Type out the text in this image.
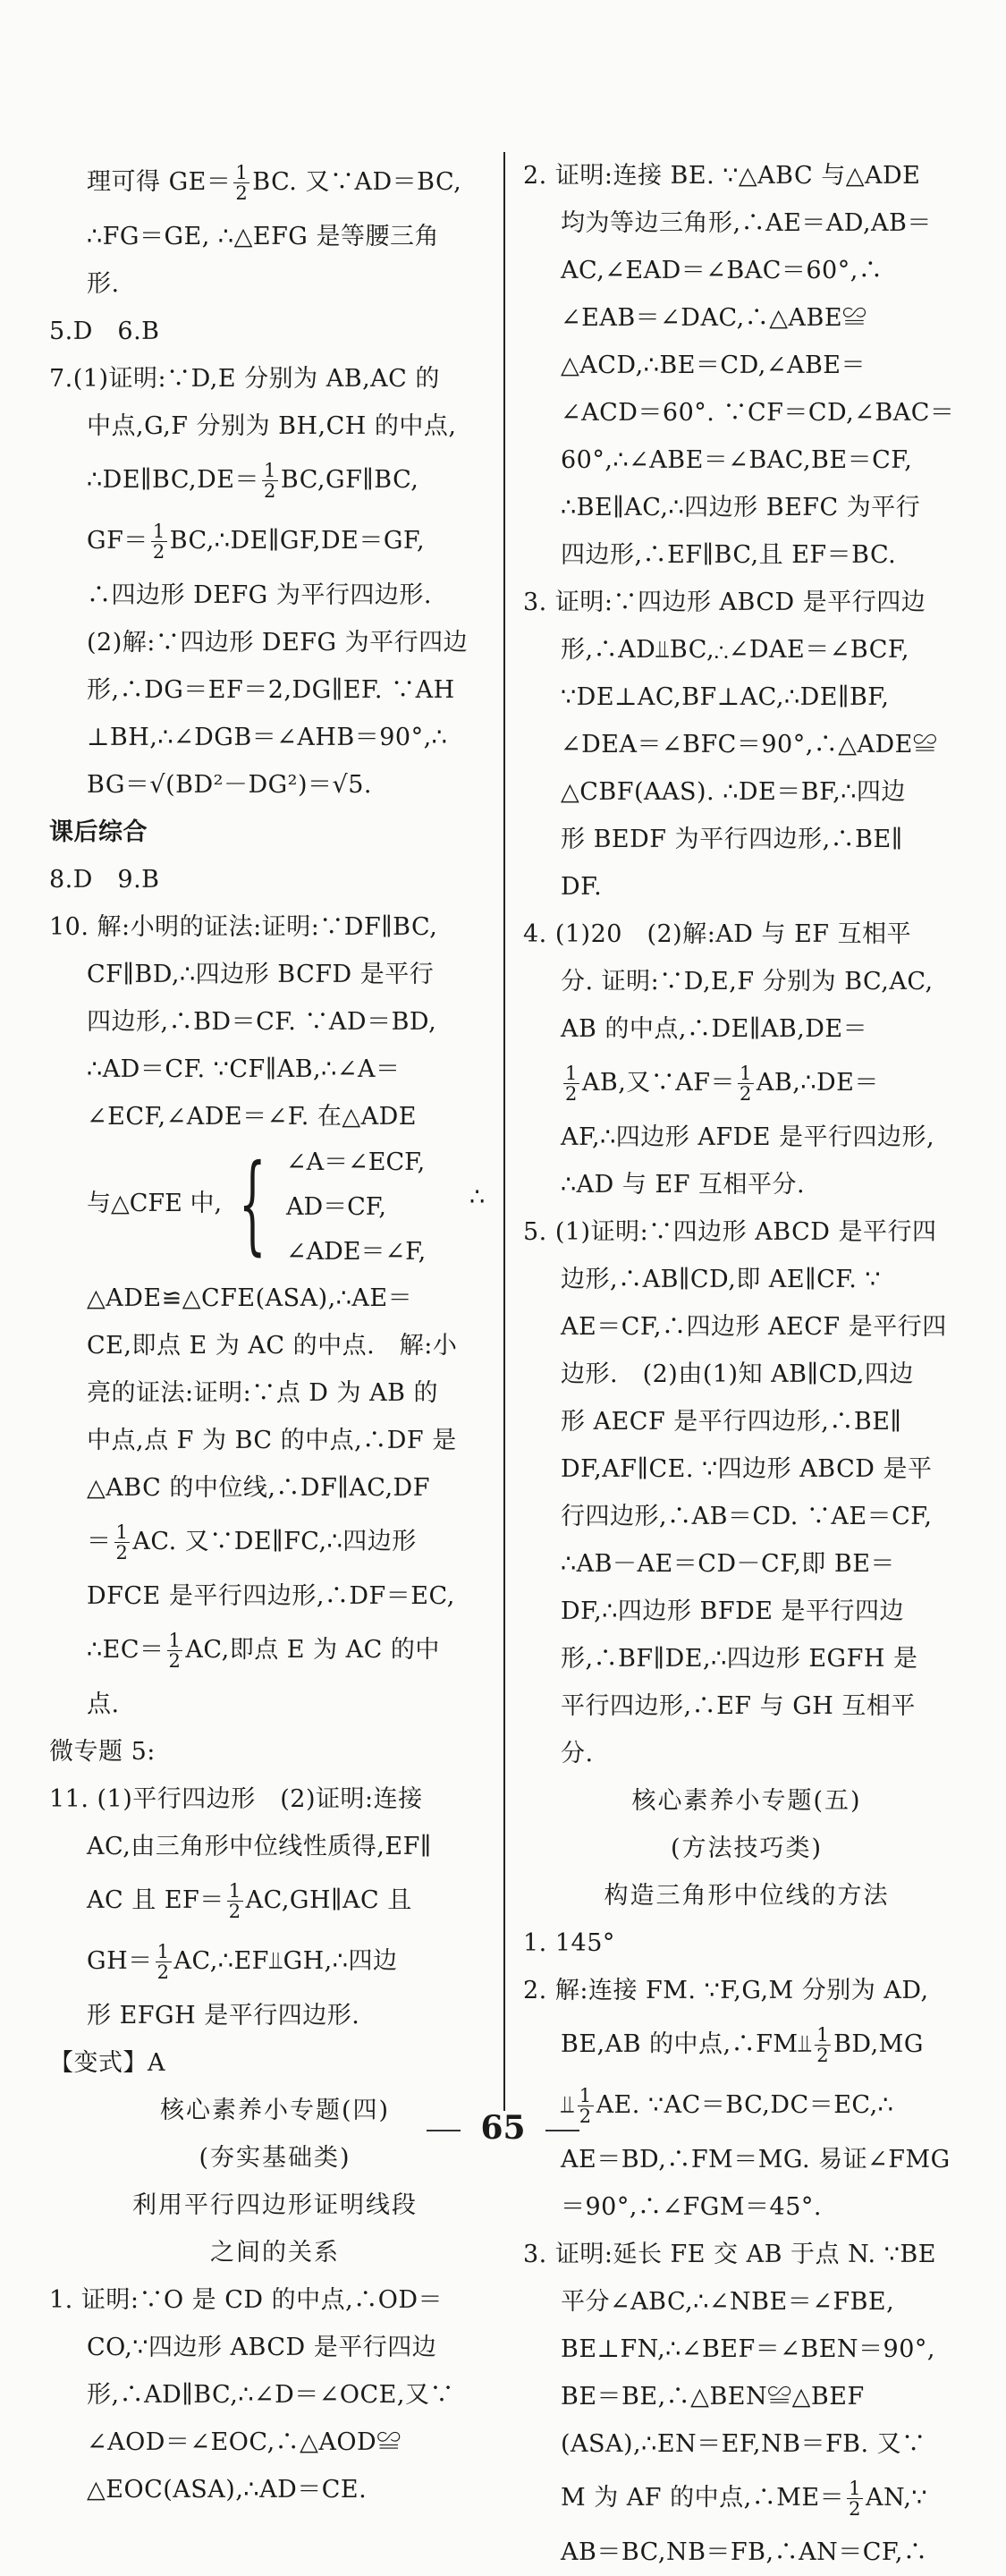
理可得 $GE= \frac{1}{2}$ BC. 又∵AD＝BC,
∴FG＝GE, ∴△EFG 是等腰三角
形.
5.D　6.B
7.(1)证明:∵D,E 分别为 AB,AC 的
中点,G,F 分别为 BH,CH 的中点,
∴DE∥BC,DE＝ $\frac{1}{2}$ BC,GF∥BC,
$GF= \frac{1}{2}$ BC,∴DE∥GF,DE＝GF,
∴四边形 DEFG 为平行四边形.
(2)解:∵四边形 DEFG 为平行四边
形,∴DG＝EF＝2,DG∥EF. ∵AH
⊥BH,∴∠DGB＝∠AHB＝90°,∴
BG＝√(BD²－DG²)＝√5.
课后综合
8.D　9.B
10. 解:小明的证法:证明:∵DF∥BC,
CF∥BD,∴四边形 BCFD 是平行
四边形,∴BD＝CF. ∵AD＝BD,
∴AD＝CF. ∵CF∥AB,∴∠A＝
∠ECF,∠ADE＝∠F. 在△ADE
与△CFE 中, { ∠A＝∠ECF,
AD＝CF,
∠ADE＝∠F,
∴
△ADE≌△CFE(ASA),∴AE＝
CE,即点 E 为 AC 的中点.　解:小
亮的证法:证明:∵点 D 为 AB 的
中点,点 F 为 BC 的中点,∴DF 是
△ABC 的中位线,∴DF∥AC,DF
＝ $\frac{1}{2}$ AC. 又∵DE∥FC,∴四边形
DFCE 是平行四边形,∴DF＝EC,
∴EC＝ $\frac{1}{2}$ AC,即点 E 为 AC 的中
点.
微专题 5:
11. (1)平行四边形　(2)证明:连接
AC,由三角形中位线性质得,EF∥
AC 且 $EF= \frac{1}{2}$ AC,GH∥AC 且
$GH= \frac{1}{2}$ AC,∴EF⫫GH,∴四边
形 EFGH 是平行四边形.
【变式】A
核心素养小专题(四)
(夯实基础类)
利用平行四边形证明线段
之间的关系
1. 证明:∵O 是 CD 的中点,∴OD＝
CO,∵四边形 ABCD 是平行四边
形,∴AD∥BC,∴∠D＝∠OCE,又∵
∠AOD＝∠EOC,∴△AOD≌
△EOC(ASA),∴AD＝CE.
2. 证明:连接 BE. ∵△ABC 与△ADE
均为等边三角形,∴AE＝AD,AB＝
AC,∠EAD＝∠BAC＝60°,∴
∠EAB＝∠DAC,∴△ABE≌
△ACD,∴BE＝CD,∠ABE＝
∠ACD＝60°. ∵CF＝CD,∠BAC＝
60°,∴∠ABE＝∠BAC,BE＝CF,
∴BE∥AC,∴四边形 BEFC 为平行
四边形,∴EF∥BC,且 EF＝BC.
3. 证明:∵四边形 ABCD 是平行四边
形,∴AD⫫BC,∴∠DAE＝∠BCF,
∵DE⊥AC,BF⊥AC,∴DE∥BF,
∠DEA＝∠BFC＝90°,∴△ADE≌
△CBF(AAS). ∴DE＝BF,∴四边
形 BEDF 为平行四边形,∴BE∥
DF.
4. (1)20　(2)解:AD 与 EF 互相平
分. 证明:∵D,E,F 分别为 BC,AC,
AB 的中点,∴DE∥AB,DE＝
$\frac{1}{2}$ AB,又∵AF＝ $\frac{1}{2}$ AB,∴DE＝
AF,∴四边形 AFDE 是平行四边形,
∴AD 与 EF 互相平分.
5. (1)证明:∵四边形 ABCD 是平行四
边形,∴AB∥CD,即 AE∥CF. ∵
AE＝CF,∴四边形 AECF 是平行四
边形.　(2)由(1)知 AB∥CD,四边
形 AECF 是平行四边形,∴BE∥
DF,AF∥CE. ∵四边形 ABCD 是平
行四边形,∴AB＝CD. ∵AE＝CF,
∴AB－AE＝CD－CF,即 BE＝
DF,∴四边形 BFDE 是平行四边
形,∴BF∥DE,∴四边形 EGFH 是
平行四边形,∴EF 与 GH 互相平
分.
核心素养小专题(五)
(方法技巧类)
构造三角形中位线的方法
1. 145°
2. 解:连接 FM. ∵F,G,M 分别为 AD,
BE,AB 的中点,∴FM⫫ $\frac{1}{2} BD,MG$
⫫ $\frac{1}{2}$ AE. ∵AC＝BC,DC＝EC,∴
AE＝BD,∴FM＝MG. 易证∠FMG
＝90°,∴∠FGM＝45°.
3. 证明:延长 FE 交 AB 于点 N. ∵BE
平分∠ABC,∴∠NBE＝∠FBE,
BE⊥FN,∴∠BEF＝∠BEN＝90°,
BE＝BE,∴△BEN≌△BEF
(ASA),∴EN＝EF,NB＝FB. 又∵
M 为 AF 的中点,∴ME＝ $\frac{1}{2}$ AN,∵
AB＝BC,NB＝FB,∴AN＝CF,∴
65
